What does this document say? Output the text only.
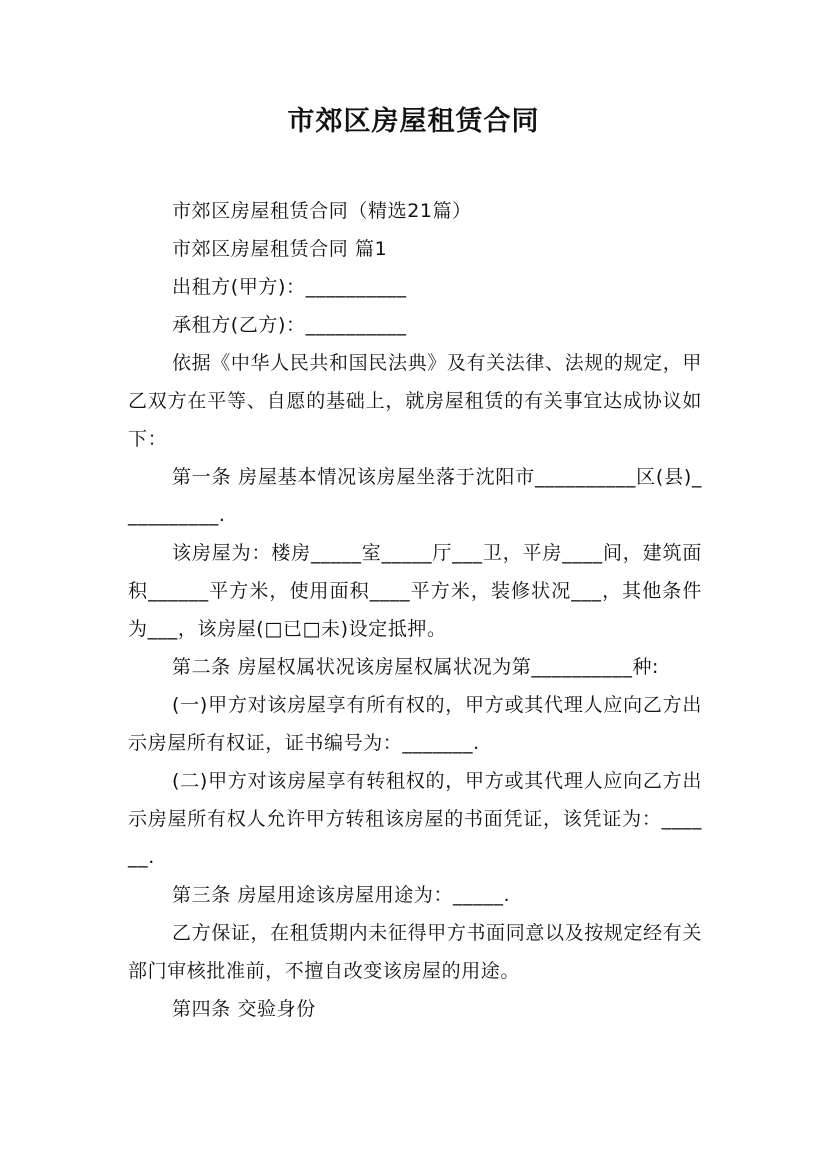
市郊区房屋租赁合同

市郊区房屋租赁合同（精选21篇）

市郊区房屋租赁合同 篇1

出租方(甲方)：__________

承租方(乙方)：__________

依据《中华人民共和国民法典》及有关法律、法规的规定，甲乙双方在平等、自愿的基础上，就房屋租赁的有关事宜达成协议如下：

第一条 房屋基本情况该房屋坐落于沈阳市__________区(县)__________.

该房屋为：楼房_____室_____厅___卫，平房____间，建筑面积______平方米，使用面积____平方米，装修状况___，其他条件为___，该房屋(□已□未)设定抵押。

第二条 房屋权属状况该房屋权属状况为第__________种:

(一)甲方对该房屋享有所有权的，甲方或其代理人应向乙方出示房屋所有权证，证书编号为：_______.

(二)甲方对该房屋享有转租权的，甲方或其代理人应向乙方出示房屋所有权人允许甲方转租该房屋的书面凭证，该凭证为：______.

第三条 房屋用途该房屋用途为：_____.

乙方保证，在租赁期内未征得甲方书面同意以及按规定经有关部门审核批准前，不擅自改变该房屋的用途。

第四条 交验身份
